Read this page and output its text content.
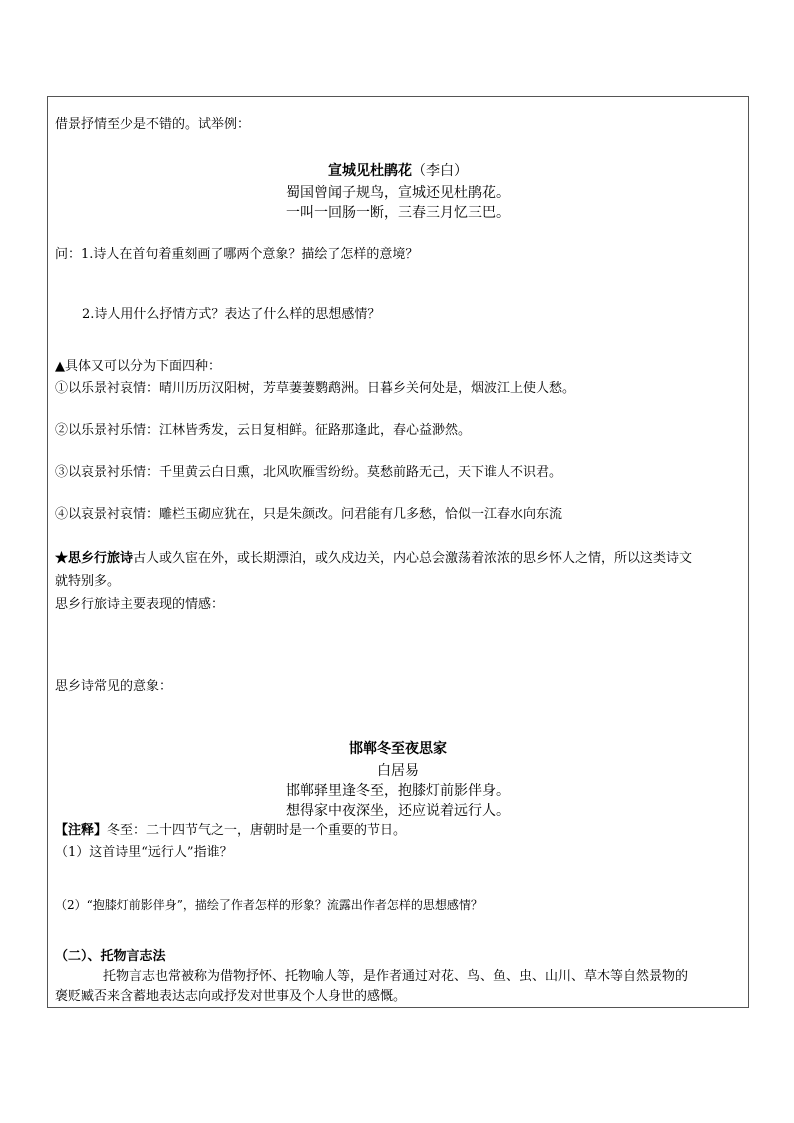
借景抒情至少是不错的。试举例：
宣城见杜鹃花（李白）
蜀国曾闻子规鸟，宣城还见杜鹃花。
一叫一回肠一断，三春三月忆三巴。
问：1.诗人在首句着重刻画了哪两个意象？描绘了怎样的意境？
2.诗人用什么抒情方式？表达了什么样的思想感情？
▲具体又可以分为下面四种：
①以乐景衬哀情：晴川历历汉阳树，芳草萋萋鹦鹉洲。日暮乡关何处是，烟波江上使人愁。
②以乐景衬乐情：江林皆秀发，云日复相鲜。征路那逢此，春心益渺然。
③以哀景衬乐情：千里黄云白日熏，北风吹雁雪纷纷。莫愁前路无己，天下谁人不识君。
④以哀景衬哀情：雕栏玉砌应犹在，只是朱颜改。问君能有几多愁，恰似一江春水向东流
★思乡行旅诗古人或久宦在外，或长期漂泊，或久戍边关，内心总会激荡着浓浓的思乡怀人之情，所以这类诗文
就特别多。
思乡行旅诗主要表现的情感：
思乡诗常见的意象：
邯郸冬至夜思家
白居易
邯郸驿里逢冬至，抱膝灯前影伴身。
想得家中夜深坐，还应说着远行人。
【注释】冬至：二十四节气之一，唐朝时是一个重要的节日。
（1）这首诗里“远行人”指谁？
（2）“抱膝灯前影伴身”，描绘了作者怎样的形象？流露出作者怎样的思想感情？
（二）、托物言志法
托物言志也常被称为借物抒怀、托物喻人等，是作者通过对花、鸟、鱼、虫、山川、草木等自然景物的
褒贬臧否来含蓄地表达志向或抒发对世事及个人身世的感慨。
